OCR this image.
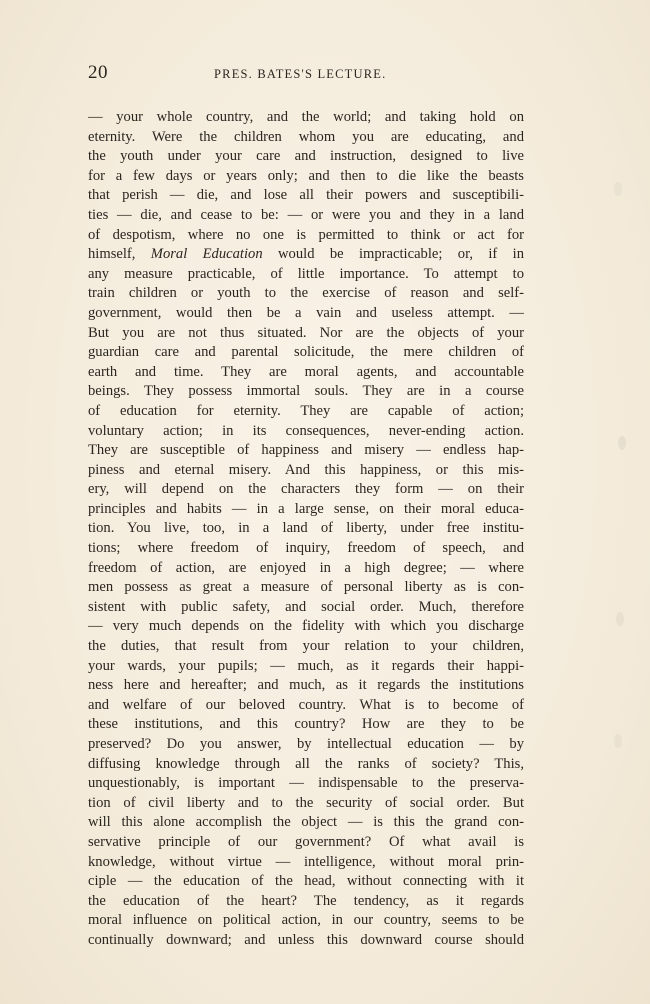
20	PRES. BATES'S LECTURE.
— your whole country, and the world; and taking hold on
eternity. Were the children whom you are educating, and
the youth under your care and instruction, designed to live
for a few days or years only; and then to die like the beasts
that perish — die, and lose all their powers and susceptibili-
ties — die, and cease to be: — or were you and they in a land
of despotism, where no one is permitted to think or act for
himself, Moral Education would be impracticable; or, if in
any measure practicable, of little importance. To attempt to
train children or youth to the exercise of reason and self-
government, would then be a vain and useless attempt. —
But you are not thus situated. Nor are the objects of your
guardian care and parental solicitude, the mere children of
earth and time. They are moral agents, and accountable
beings. They possess immortal souls. They are in a course
of education for eternity. They are capable of action;
voluntary action; in its consequences, never-ending action.
They are susceptible of happiness and misery — endless hap-
piness and eternal misery. And this happiness, or this mis-
ery, will depend on the characters they form — on their
principles and habits — in a large sense, on their moral educa-
tion. You live, too, in a land of liberty, under free institu-
tions; where freedom of inquiry, freedom of speech, and
freedom of action, are enjoyed in a high degree; — where
men possess as great a measure of personal liberty as is con-
sistent with public safety, and social order. Much, therefore
— very much depends on the fidelity with which you discharge
the duties, that result from your relation to your children,
your wards, your pupils; — much, as it regards their happi-
ness here and hereafter; and much, as it regards the institutions
and welfare of our beloved country. What is to become of
these institutions, and this country? How are they to be
preserved? Do you answer, by intellectual education — by
diffusing knowledge through all the ranks of society? This,
unquestionably, is important — indispensable to the preserva-
tion of civil liberty and to the security of social order. But
will this alone accomplish the object — is this the grand con-
servative principle of our government? Of what avail is
knowledge, without virtue — intelligence, without moral prin-
ciple — the education of the head, without connecting with it
the education of the heart? The tendency, as it regards
moral influence on political action, in our country, seems to be
continually downward; and unless this downward course should
